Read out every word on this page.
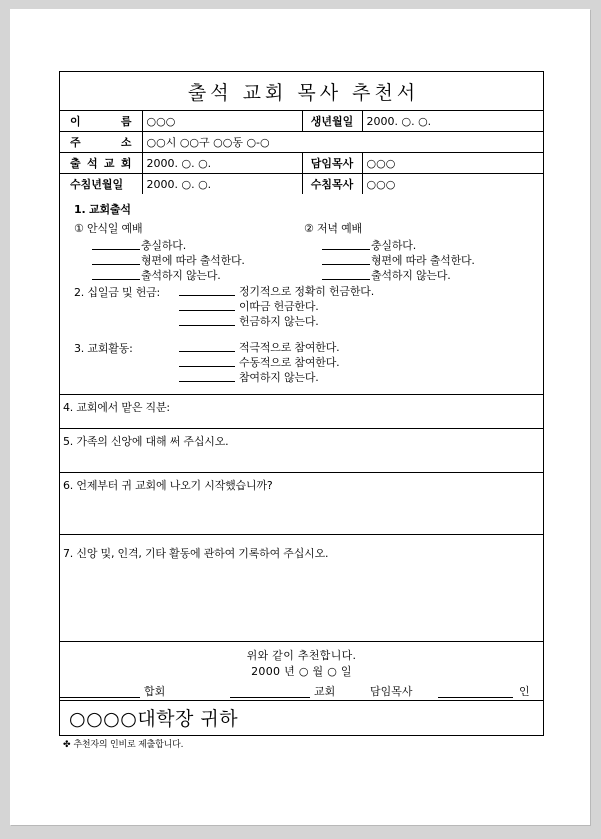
출석 교회 목사 추천서
이 름	○○○	생년월일	2000. ○. ○.
주 소	○○시 ○○구 ○○동 ○-○		
출 석 교 회	2000. ○. ○.	담임목사	○○○
수침년월일	2000. ○. ○.	수침목사	○○○
1. 교회출석
① 안식일 예배
충실하다.
형편에 따라 출석한다.
출석하지 않는다.
② 저녁 예배
충실하다.
형편에 따라 출석한다.
출석하지 않는다.
2. 십일금 및 헌금:	정기적으로 정확히 헌금한다.
이따금 헌금한다.
헌금하지 않는다.
3. 교회활동:	적극적으로 참여한다.
수동적으로 참여한다.
참여하지 않는다.
4. 교회에서 맡은 직분:
5. 가족의 신앙에 대해 써 주십시오.
6. 언제부터 귀 교회에 나오기 시작했습니까?
7. 신앙 및, 인격, 기타 활동에 관하여 기록하여 주십시오.
위와 같이 추천합니다.
2000 년 ○ 월 ○ 일
합회	교회	담임목사	인
○○○○대학장 귀하
✤ 추천자의 인비로 제출합니다.
